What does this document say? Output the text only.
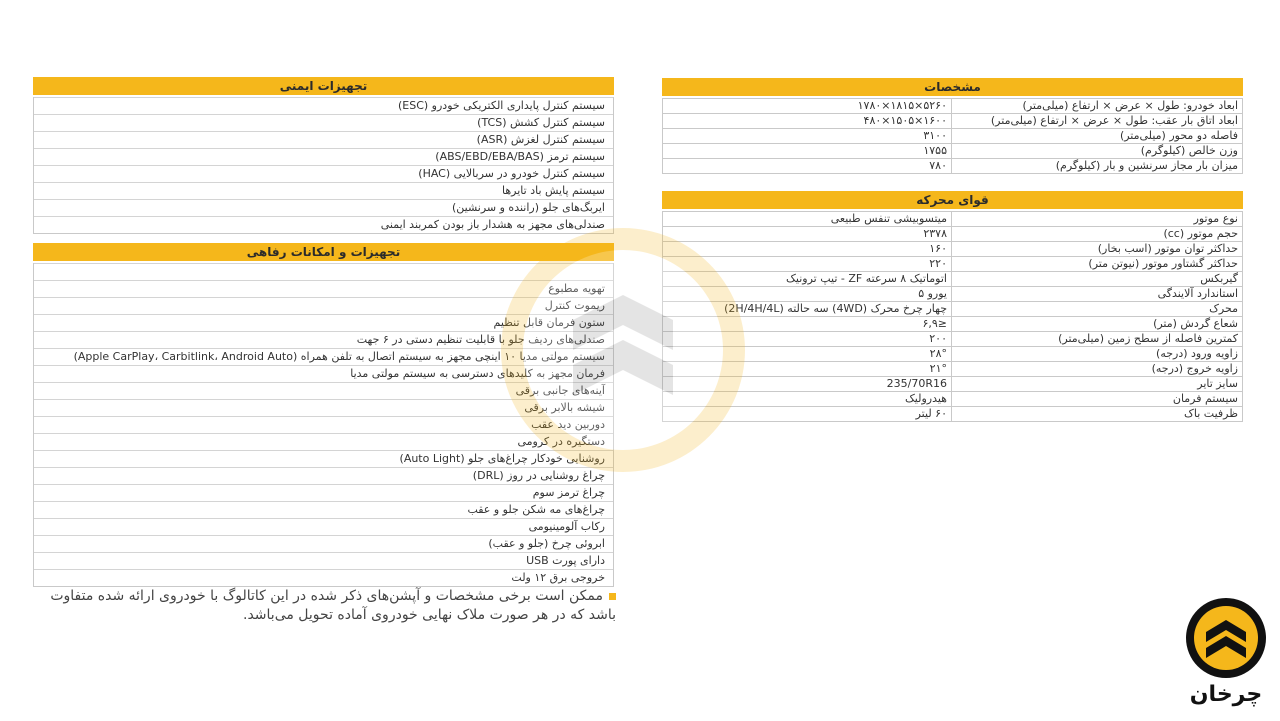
تجهیزات ایمنی
سیستم کنترل پایداری الکتریکی خودرو (ESC)
سیستم کنترل کشش (TCS)
سیستم کنترل لغزش (ASR)
سیستم ترمز (ABS/EBD/EBA/BAS)
سیستم کنترل خودرو در سربالایی (HAC)
سیستم پایش باد تایرها
ایربگ‌های جلو (راننده و سرنشین)
صندلی‌های مجهز به هشدار باز بودن کمربند ایمنی
تجهیزات و امکانات رفاهی
تهویه مطبوع
ریموت کنترل
ستون فرمان قابل تنظیم
صندلی‌های ردیف جلو با قابلیت تنظیم دستی در ۶ جهت
سیستم مولتی مدیا ۱۰ اینچی مجهز به سیستم اتصال به تلفن همراه (Apple CarPlay، Carbitlink، Android Auto)
فرمان مجهز به کلیدهای دسترسی به سیستم مولتی مدیا
آینه‌های جانبی برقی
شیشه بالابر برقی
دوربین دید عقب
دستگیره در کرومی
روشنایی خودکار چراغ‌های جلو (Auto Light)
چراغ روشنایی در روز (DRL)
چراغ ترمز سوم
چراغ‌های مه شکن جلو و عقب
رکاب آلومینیومی
ابروئی چرخ (جلو و عقب)
دارای پورت USB
خروجی برق ۱۲ ولت
مشخصات
ابعاد خودرو: طول × عرض × ارتفاع (میلی‌متر)	۵۲۶۰×۱۸۱۵×۱۷۸۰
ابعاد اتاق بار عقب: طول × عرض × ارتفاع (میلی‌متر)	۱۶۰۰×۱۵۰۵×۴۸۰
فاصله دو محور (میلی‌متر)	۳۱۰۰
وزن خالص (کیلوگرم)	۱۷۵۵
میزان بار مجاز سرنشین و بار (کیلوگرم)	۷۸۰
قوای محرکه
نوع موتور	میتسوبیشی تنفس طبیعی
حجم موتور (cc)	۲۳۷۸
حداکثر توان موتور (اسب بخار)	۱۶۰
حداکثر گشتاور موتور (نیوتن متر)	۲۲۰
گیربکس	اتوماتیک ۸ سرعته ZF - تیپ ترونیک
استاندارد آلایندگی	یورو ۵
محرک	چهار چرخ محرک (4WD) سه حالته (2H/4H/4L)
شعاع گردش (متر)	≤۶,۹
کمترین فاصله از سطح زمین (میلی‌متر)	۲۰۰
زاویه ورود (درجه)	۲۸°
زاویه خروج (درجه)	۲۱°
سایز تایر	235/70R16
سیستم فرمان	هیدرولیک
ظرفیت باک	۶۰ لیتر
ممکن است برخی مشخصات و آپشن‌های ذکر شده در این کاتالوگ با خودروی ارائه شده متفاوت باشد که در هر صورت ملاک نهایی خودروی آماده تحویل می‌باشد.
چرخان
